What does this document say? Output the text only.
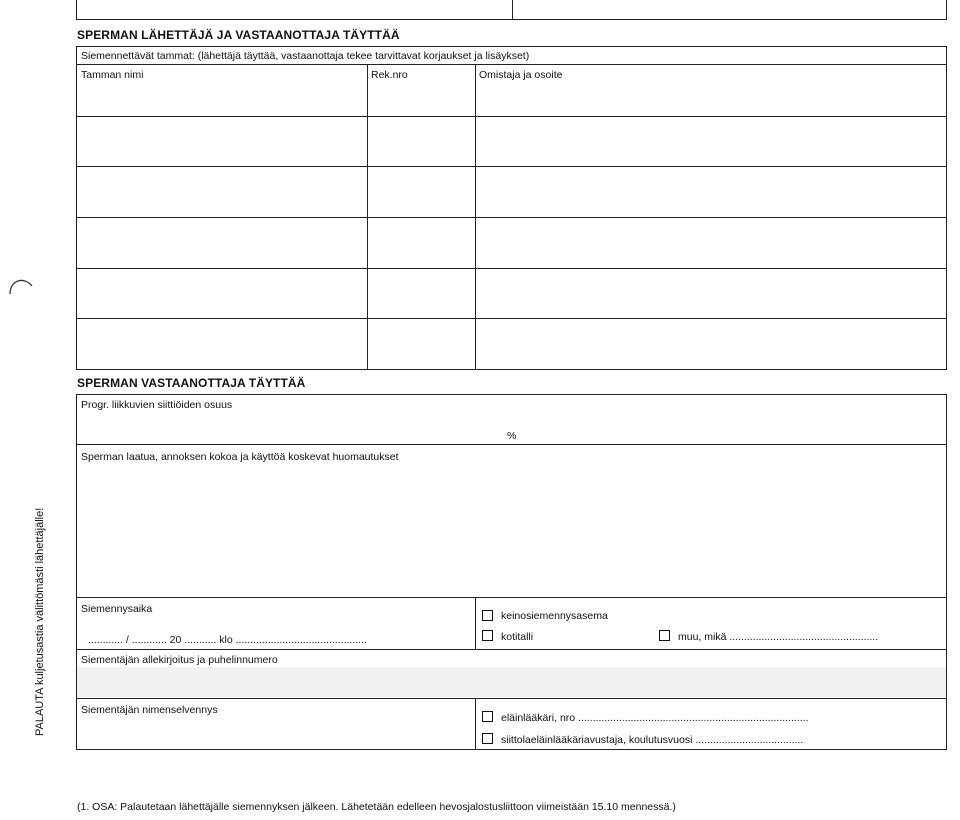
SPERMAN LÄHETTÄJÄ JA VASTAANOTTAJA TÄYTTÄÄ
Siemennettävät tammat: (lähettäjä täyttää, vastaanottaja tekee tarvittavat korjaukset ja lisäykset)
Tamman nimi	Rek.nro	Omistaja ja osoite
SPERMAN VASTAANOTTAJA TÄYTTÄÄ
Progr. liikkuvien siittiöiden osuus
%
Sperman laatua, annoksen kokoa ja käyttöä koskevat huomautukset
Siemennysaika
............ / ............ 20 ........... klo .............................................
keinosiemennysasema
kotitalli	muu, mikä ...................................................
Siementäjän allekirjoitus ja puhelinnumero
Siementäjän nimenselvennys
eläinlääkäri, nro ...............................................................................
siittolaeläinlääkäriavustaja, koulutusvuosi .....................................
PALAUTA kuljetusastia välittömästi lähettäjälle!
(1. OSA: Palautetaan lähettäjälle siemennyksen jälkeen. Lähetetään edelleen hevosjalostusliittoon viimeistään 15.10 mennessä.)
